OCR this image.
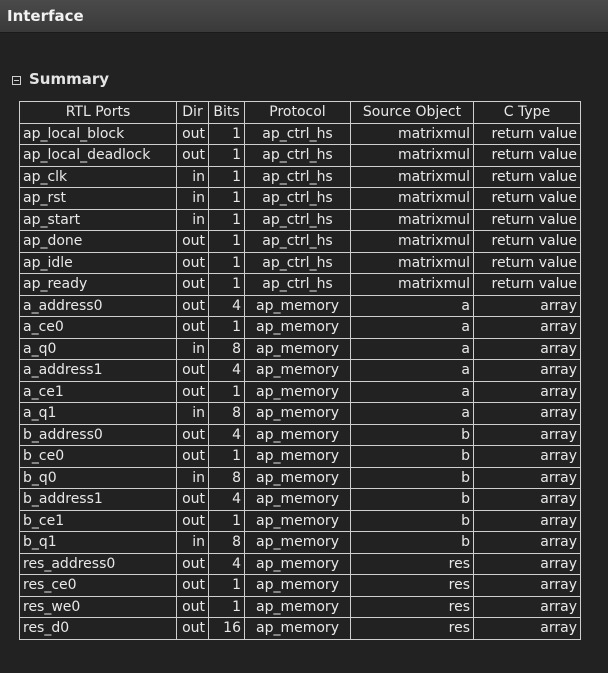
Interface
Summary
RTL Ports	Dir	Bits	Protocol	Source Object	C Type
ap_local_block	out	1	ap_ctrl_hs	matrixmul	return value
ap_local_deadlock	out	1	ap_ctrl_hs	matrixmul	return value
ap_clk	in	1	ap_ctrl_hs	matrixmul	return value
ap_rst	in	1	ap_ctrl_hs	matrixmul	return value
ap_start	in	1	ap_ctrl_hs	matrixmul	return value
ap_done	out	1	ap_ctrl_hs	matrixmul	return value
ap_idle	out	1	ap_ctrl_hs	matrixmul	return value
ap_ready	out	1	ap_ctrl_hs	matrixmul	return value
a_address0	out	4	ap_memory	a	array
a_ce0	out	1	ap_memory	a	array
a_q0	in	8	ap_memory	a	array
a_address1	out	4	ap_memory	a	array
a_ce1	out	1	ap_memory	a	array
a_q1	in	8	ap_memory	a	array
b_address0	out	4	ap_memory	b	array
b_ce0	out	1	ap_memory	b	array
b_q0	in	8	ap_memory	b	array
b_address1	out	4	ap_memory	b	array
b_ce1	out	1	ap_memory	b	array
b_q1	in	8	ap_memory	b	array
res_address0	out	4	ap_memory	res	array
res_ce0	out	1	ap_memory	res	array
res_we0	out	1	ap_memory	res	array
res_d0	out	16	ap_memory	res	array
